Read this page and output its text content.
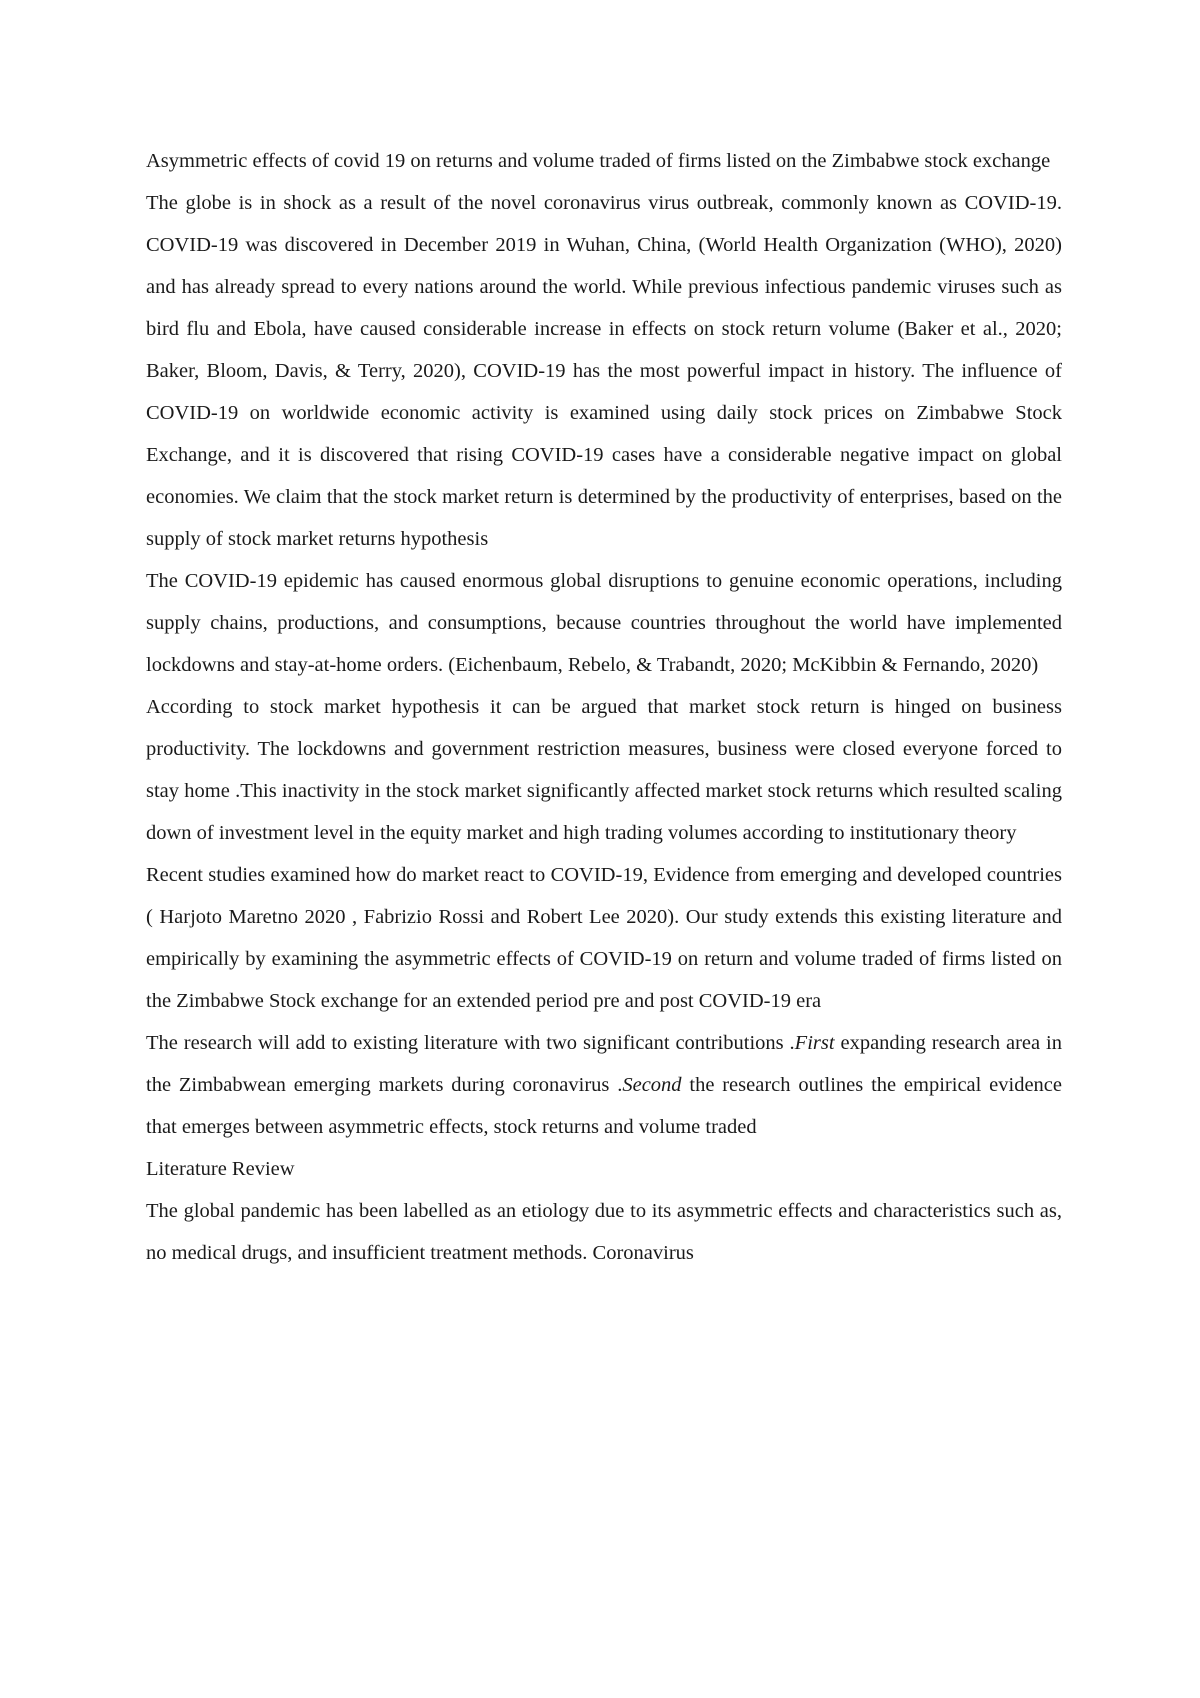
Asymmetric effects of covid 19 on returns and volume traded of firms listed on the Zimbabwe stock exchange

The globe is in shock as a result of the novel coronavirus virus outbreak, commonly known as COVID-19. COVID-19 was discovered in December 2019 in Wuhan, China, (World Health Organization (WHO), 2020) and has already spread to every nations around the world. While previous infectious pandemic viruses such as bird flu and Ebola, have caused considerable increase in effects on stock return volume (Baker et al., 2020; Baker, Bloom, Davis, & Terry, 2020), COVID-19 has the most powerful impact in history. The influence of COVID-19 on worldwide economic activity is examined using daily stock prices on Zimbabwe Stock Exchange, and it is discovered that rising COVID-19 cases have a considerable negative impact on global economies. We claim that the stock market return is determined by the productivity of enterprises, based on the supply of stock market returns hypothesis

The COVID-19 epidemic has caused enormous global disruptions to genuine economic operations, including supply chains, productions, and consumptions, because countries throughout the world have implemented lockdowns and stay-at-home orders. (Eichenbaum, Rebelo, & Trabandt, 2020; McKibbin & Fernando, 2020)

According to stock market hypothesis it can be argued that market stock return is hinged on business productivity. The lockdowns and government restriction measures, business were closed everyone forced to stay home .This inactivity in the stock market significantly affected market stock returns which resulted scaling down of investment level in the equity market and high trading volumes according to institutionary theory

Recent studies examined how do market react to COVID-19, Evidence from emerging and developed countries ( Harjoto Maretno 2020 , Fabrizio Rossi and Robert Lee 2020). Our study extends this existing literature and empirically by examining the asymmetric effects of COVID-19 on return and volume traded of firms listed on the Zimbabwe Stock exchange for an extended period pre and post COVID-19 era

The research will add to existing literature with two significant contributions .First expanding research area in the Zimbabwean emerging markets during coronavirus .Second the research outlines the empirical evidence that emerges between asymmetric effects, stock returns and volume traded

Literature Review

The global pandemic has been labelled as an etiology due to its asymmetric effects and characteristics such as, no medical drugs, and insufficient treatment methods. Coronavirus
